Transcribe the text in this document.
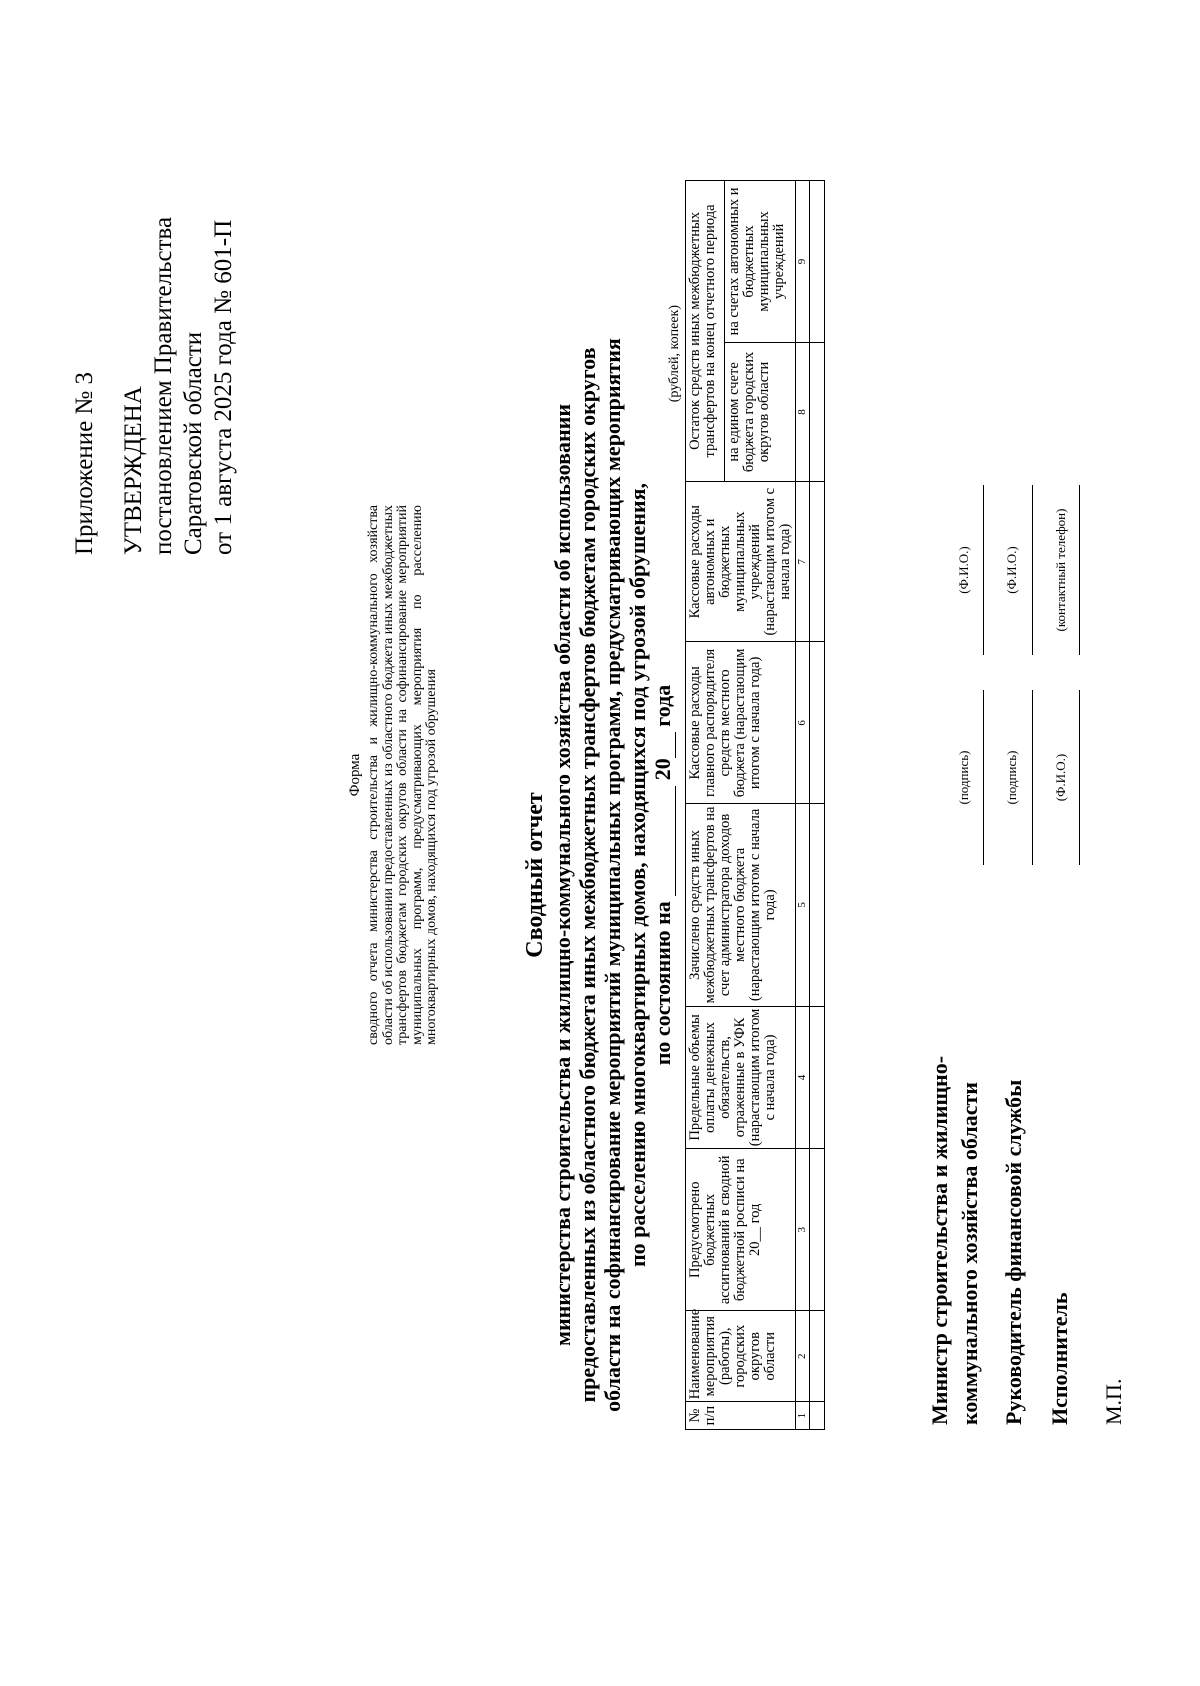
Приложение № 3 УТВЕРЖДЕНА постановлением Правительства Саратовской области от 1 августа 2025 года № 601-П
Форма сводного отчета министерства строительства и жилищно-коммунального хозяйства области об использовании предоставленных из областного бюджета иных межбюджетных трансфертов бюджетам городских округов области на софинансирование мероприятий муниципальных программ, предусматривающих мероприятия по расселению многоквартирных домов, находящихся под угрозой обрушения	Сводный отчет министерства строительства и жилищно-коммунального хозяйства области об использовании предоставленных из областного бюджета иных межбюджетных трансфертов бюджетам городских округов области на софинансирование мероприятий муниципальных программ, предусматривающих мероприятия по расселению многоквартирных домов, находящихся под угрозой обрушения, по состоянию на   20  года

(рублей, копеек)
№ п/п	Наименование мероприятия (работы), городских округов области	Предусмотрено бюджетных ассигнований в сводной бюджетной росписи на 20__ год	Предельные объемы оплаты денежных обязательств, отраженные в УФК (нарастающим итогом с начала года)	Зачислено средств иных межбюджетных трансфертов на счет администратора доходов местного бюджета (нарастающим итогом с начала года)	Кассовые расходы главного распорядителя средств местного бюджета (нарастающим итогом с начала года)	Кассовые расходы автономных и бюджетных муниципальных учреждений (нарастающим итогом с начала года)	Остаток средств иных межбюджетных трансфертов на конец отчетного периода	
							на едином счете бюджета городских округов области	на счетах автономных и бюджетных муниципальных учреждений
1	2	3	4	5	6	7	8	9

Министр строительства и жилищно- коммунального хозяйства области Руководитель финансовой службы Исполнитель М.П.
(подпись)
(Ф.И.О.)
(подпись)
(Ф.И.О.)
(Ф.И.О.)
(контактный телефон)
